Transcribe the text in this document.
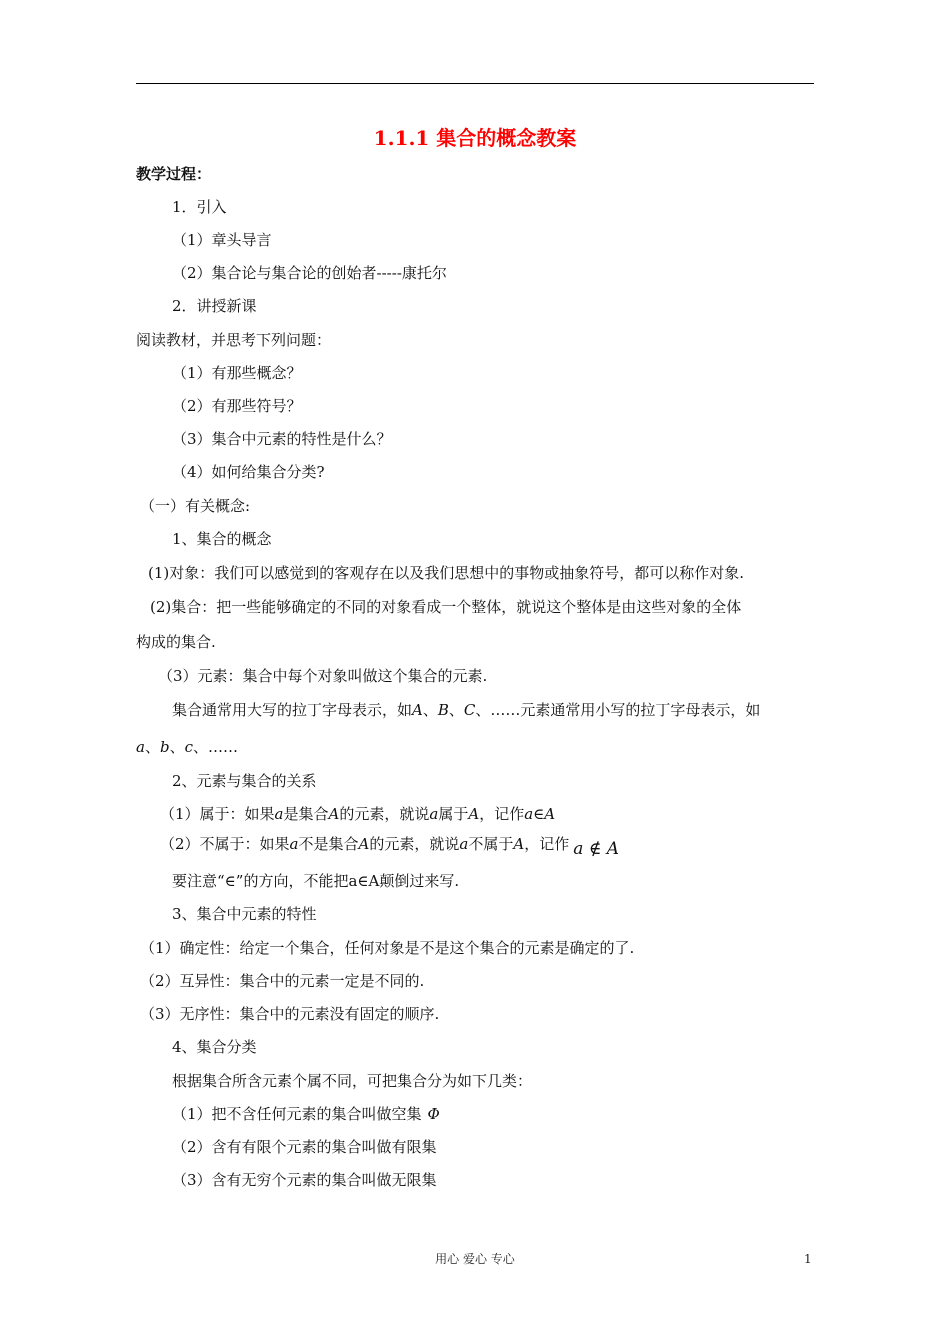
1.1.1 集合的概念教案
教学过程：
1．引入
（1）章头导言
（2）集合论与集合论的创始者-----康托尔
2．讲授新课
阅读教材，并思考下列问题：
（1）有那些概念？
（2）有那些符号？
（3）集合中元素的特性是什么？
（4）如何给集合分类?
（一）有关概念:
1、集合的概念
(1)对象：我们可以感觉到的客观存在以及我们思想中的事物或抽象符号，都可以称作对象.
(2)集合：把一些能够确定的不同的对象看成一个整体，就说这个整体是由这些对象的全体
构成的集合.
（3）元素：集合中每个对象叫做这个集合的元素.
集合通常用大写的拉丁字母表示，如A、B、C、……元素通常用小写的拉丁字母表示，如
a、b、c、……
2、元素与集合的关系
（1）属于：如果a是集合A的元素，就说a属于A，记作a∈A
（2）不属于：如果a不是集合A的元素，就说a不属于A，记作 a ∉ A
要注意“∈”的方向，不能把a∈A颠倒过来写.
3、集合中元素的特性
（1）确定性：给定一个集合，任何对象是不是这个集合的元素是确定的了.
（2）互异性：集合中的元素一定是不同的.
（3）无序性：集合中的元素没有固定的顺序.
4、集合分类
根据集合所含元素个属不同，可把集合分为如下几类：
（1）把不含任何元素的集合叫做空集 Φ
（2）含有有限个元素的集合叫做有限集
（3）含有无穷个元素的集合叫做无限集
用心 爱心 专心	1
